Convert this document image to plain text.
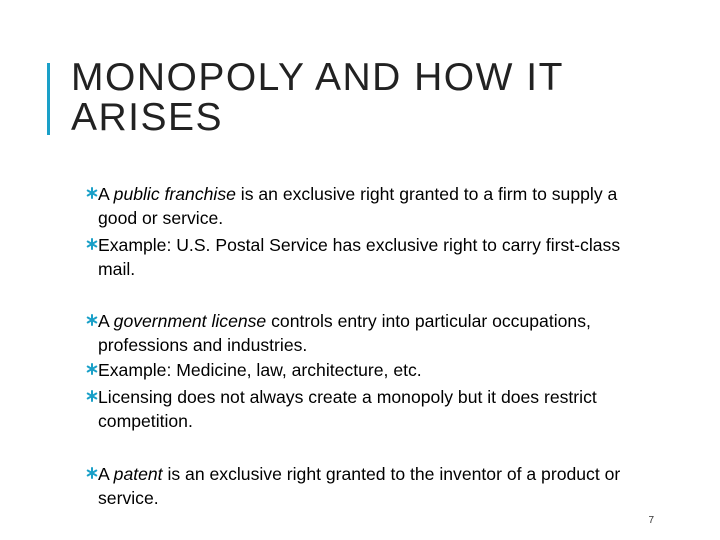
MONOPOLY AND HOW IT
ARISES
A public franchise is an exclusive right granted to a firm to supply a good or service.
Example: U.S. Postal Service has exclusive right to carry first-class mail.
A government license controls entry into particular occupations, professions and industries.
Example: Medicine, law, architecture, etc.
Licensing does not always create a monopoly but it does restrict competition.
A patent is an exclusive right granted to the inventor of a product or service.
7
